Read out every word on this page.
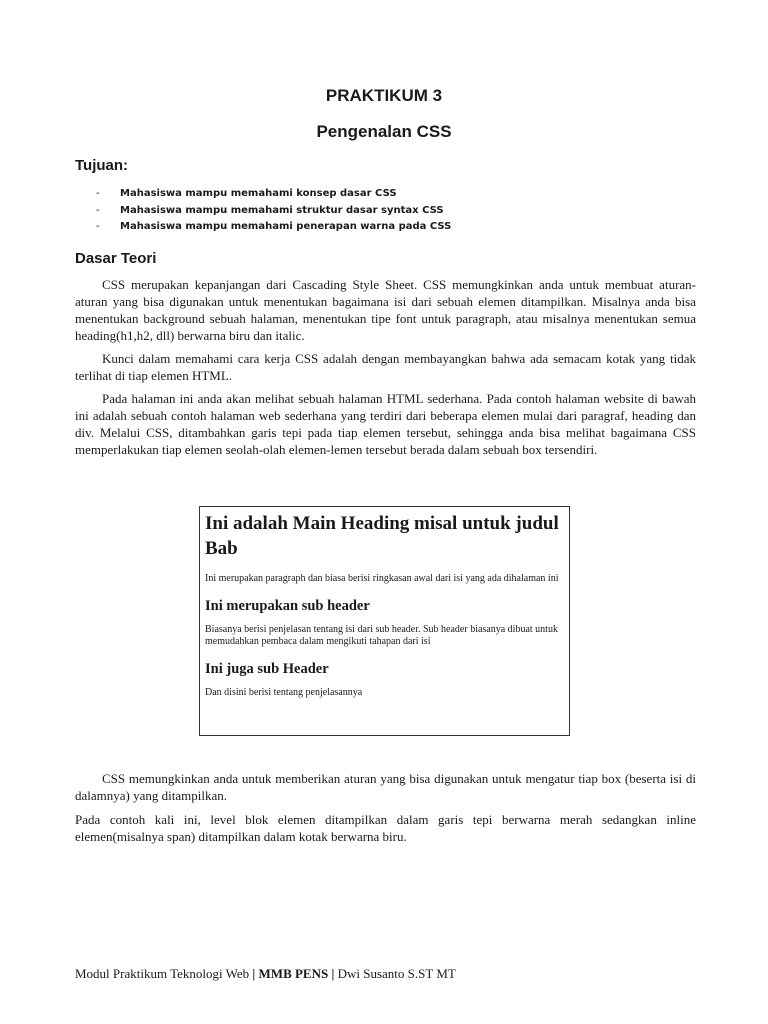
PRAKTIKUM 3
Pengenalan CSS
Tujuan:
- Mahasiswa mampu memahami konsep dasar CSS
- Mahasiswa mampu memahami struktur dasar syntax CSS
- Mahasiswa mampu memahami penerapan warna pada CSS
Dasar Teori

CSS merupakan kepanjangan dari Cascading Style Sheet. CSS memungkinkan anda untuk membuat aturan-aturan yang bisa digunakan untuk menentukan bagaimana isi dari sebuah elemen ditampilkan. Misalnya anda bisa menentukan background sebuah halaman, menentukan tipe font untuk paragraph, atau misalnya menentukan semua heading(h1,h2, dll) berwarna biru dan italic.

Kunci dalam memahami cara kerja CSS adalah dengan membayangkan bahwa ada semacam kotak yang tidak terlihat di tiap elemen HTML.

Pada halaman ini anda akan melihat sebuah halaman HTML sederhana. Pada contoh halaman website di bawah ini adalah sebuah contoh halaman web sederhana yang terdiri dari beberapa elemen mulai dari paragraf, heading dan div. Melalui CSS, ditambahkan garis tepi pada tiap elemen tersebut, sehingga anda bisa melihat bagaimana CSS memperlakukan tiap elemen seolah-olah elemen-lemen tersebut berada dalam sebuah box tersendiri.

Ini adalah Main Heading misal untuk judul Bab
Ini merupakan paragraph dan biasa berisi ringkasan awal dari isi yang ada dihalaman ini
Ini merupakan sub header
Biasanya berisi penjelasan tentang isi dari sub header. Sub header biasanya dibuat untuk memudahkan pembaca dalam mengikuti tahapan dari isi
Ini juga sub Header
Dan disini berisi tentang penjelasannya

CSS memungkinkan anda untuk memberikan aturan yang bisa digunakan untuk mengatur tiap box (beserta isi di dalamnya) yang ditampilkan.

Pada contoh kali ini, level blok elemen ditampilkan dalam garis tepi berwarna merah sedangkan inline elemen(misalnya span) ditampilkan dalam kotak berwarna biru.

Modul Praktikum Teknologi Web | MMB PENS | Dwi Susanto S.ST MT
